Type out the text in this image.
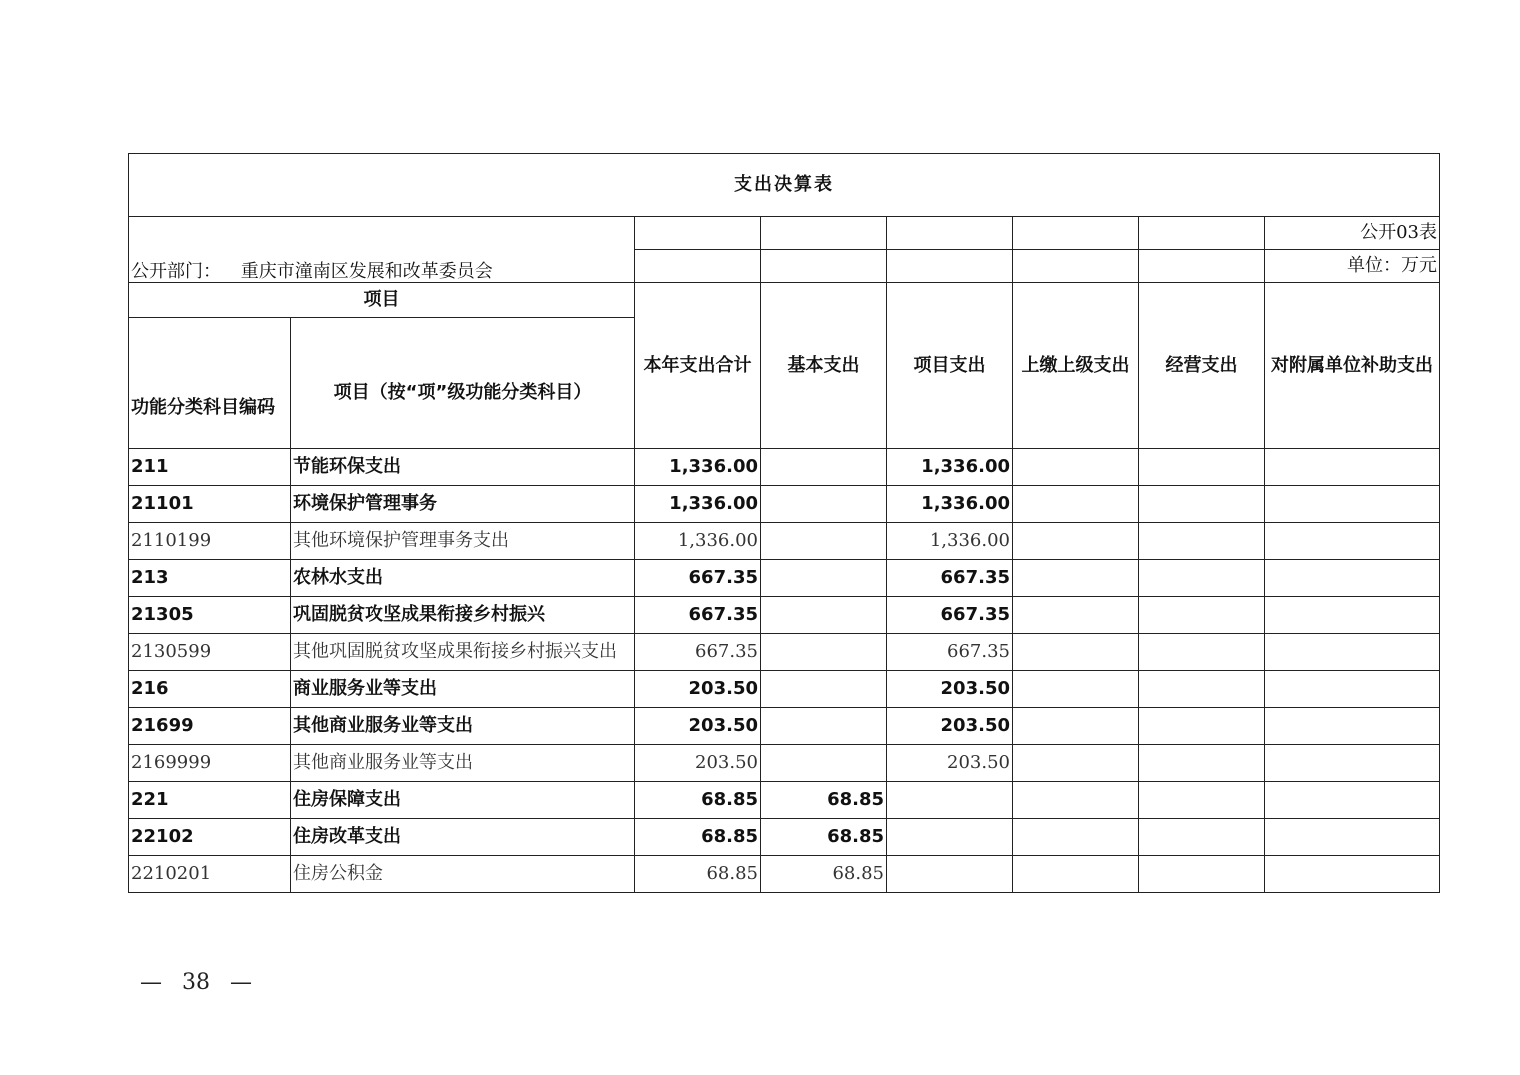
支出决算表							
公开部门： 重庆市潼南区发展和改革委员会							公开03表
							单位：万元
项目		本年支出合计	基本支出	项目支出	上缴上级支出	经营支出	对附属单位补助支出
功能分类科目编码	项目（按“项”级功能分类科目）						
211	节能环保支出	1,336.00		1,336.00			
21101	环境保护管理事务	1,336.00		1,336.00			
2110199	其他环境保护管理事务支出	1,336.00		1,336.00			
213	农林水支出	667.35		667.35			
21305	巩固脱贫攻坚成果衔接乡村振兴	667.35		667.35			
2130599	其他巩固脱贫攻坚成果衔接乡村振兴支出	667.35		667.35			
216	商业服务业等支出	203.50		203.50			
21699	其他商业服务业等支出	203.50		203.50			
2169999	其他商业服务业等支出	203.50		203.50			
221	住房保障支出	68.85	68.85				
22102	住房改革支出	68.85	68.85				
2210201	住房公积金	68.85	68.85				
— 38 —
